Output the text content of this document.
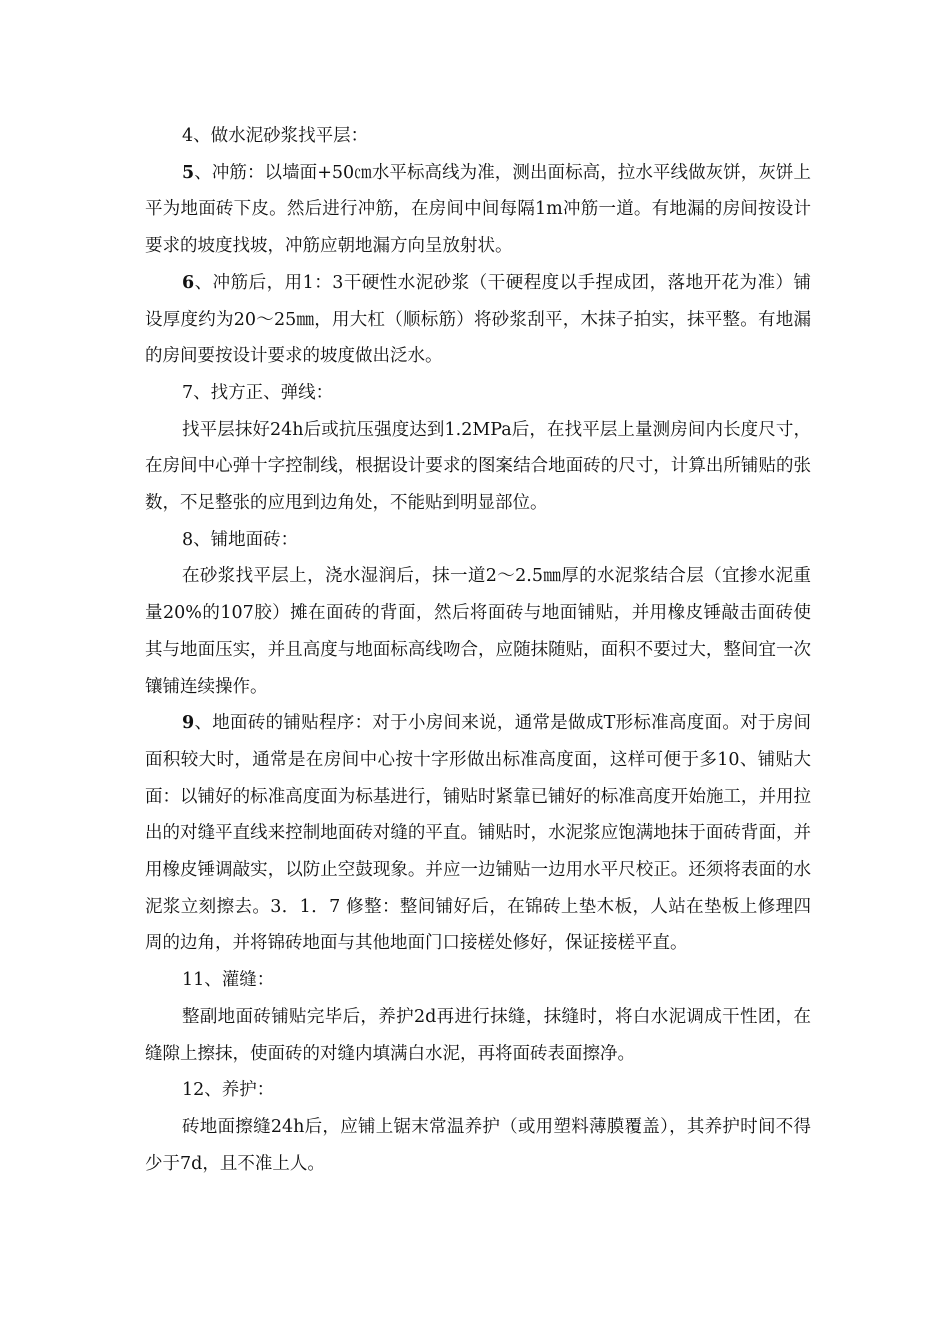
4、做水泥砂浆找平层：

5、冲筋：以墙面+50㎝水平标高线为准，测出面标高，拉水平线做灰饼，灰饼上平为地面砖下皮。然后进行冲筋，在房间中间每隔1m冲筋一道。有地漏的房间按设计要求的坡度找坡，冲筋应朝地漏方向呈放射状。

6、冲筋后，用1：3干硬性水泥砂浆（干硬程度以手捏成团，落地开花为准）铺设厚度约为20～25㎜，用大杠（顺标筋）将砂浆刮平，木抹子拍实，抹平整。有地漏的房间要按设计要求的坡度做出泛水。

7、找方正、弹线：

找平层抹好24h后或抗压强度达到1.2MPa后，在找平层上量测房间内长度尺寸，在房间中心弹十字控制线，根据设计要求的图案结合地面砖的尺寸，计算出所铺贴的张数，不足整张的应甩到边角处，不能贴到明显部位。

8、铺地面砖：

在砂浆找平层上，浇水湿润后，抹一道2～2.5㎜厚的水泥浆结合层（宜掺水泥重量20%的107胶）摊在面砖的背面，然后将面砖与地面铺贴，并用橡皮锤敲击面砖使其与地面压实，并且高度与地面标高线吻合，应随抹随贴，面积不要过大，整间宜一次镶铺连续操作。

9、地面砖的铺贴程序：对于小房间来说，通常是做成T形标准高度面。对于房间面积较大时，通常是在房间中心按十字形做出标准高度面，这样可便于多10、铺贴大面：以铺好的标准高度面为标基进行，铺贴时紧靠已铺好的标准高度开始施工，并用拉出的对缝平直线来控制地面砖对缝的平直。铺贴时，水泥浆应饱满地抹于面砖背面，并用橡皮锤调敲实，以防止空鼓现象。并应一边铺贴一边用水平尺校正。还须将表面的水泥浆立刻擦去。3．1．7 修整：整间铺好后，在锦砖上垫木板，人站在垫板上修理四周的边角，并将锦砖地面与其他地面门口接槎处修好，保证接槎平直。

11、灌缝：

整副地面砖铺贴完毕后，养护2d再进行抹缝，抹缝时，将白水泥调成干性团，在缝隙上擦抹，使面砖的对缝内填满白水泥，再将面砖表面擦净。

12、养护：

砖地面擦缝24h后，应铺上锯末常温养护（或用塑料薄膜覆盖），其养护时间不得少于7d，且不准上人。
